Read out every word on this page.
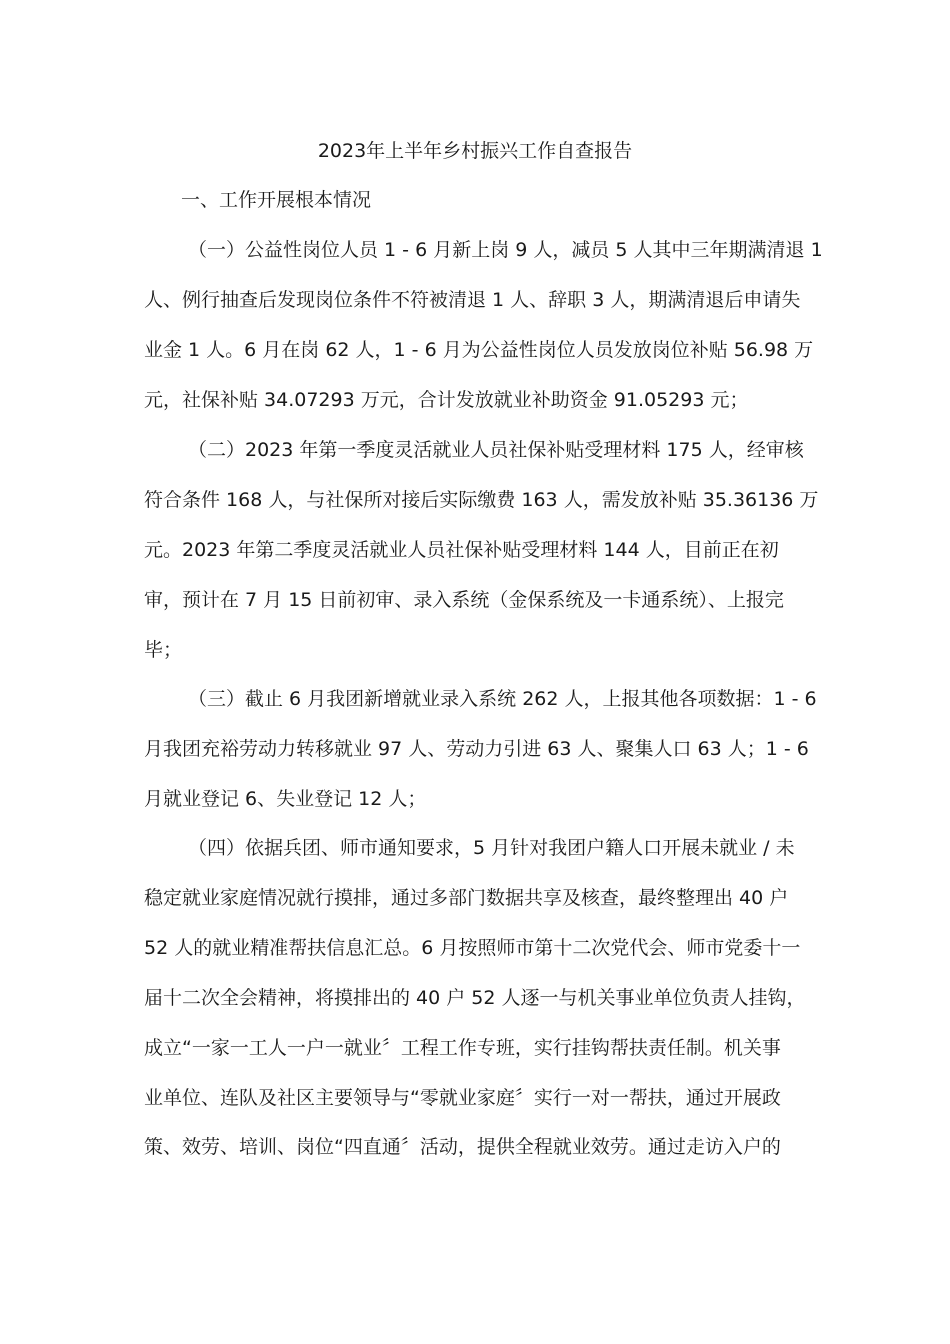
2023年上半年乡村振兴工作自查报告
一、工作开展根本情况
（一）公益性岗位人员 1 - 6 月新上岗 9 人，减员 5 人其中三年期满清退 1
人、例行抽查后发现岗位条件不符被清退 1 人、辞职 3 人，期满清退后申请失
业金 1 人。6 月在岗 62 人，1 - 6 月为公益性岗位人员发放岗位补贴 56.98 万
元，社保补贴 34.07293 万元，合计发放就业补助资金 91.05293 元；
（二）2023 年第一季度灵活就业人员社保补贴受理材料 175 人，经审核
符合条件 168 人，与社保所对接后实际缴费 163 人，需发放补贴 35.36136 万
元。2023 年第二季度灵活就业人员社保补贴受理材料 144 人，目前正在初
审，预计在 7 月 15 日前初审、录入系统（金保系统及一卡通系统）、上报完
毕；
（三）截止 6 月我团新增就业录入系统 262 人，上报其他各项数据：1 - 6
月我团充裕劳动力转移就业 97 人、劳动力引进 63 人、聚集人口 63 人；1 - 6
月就业登记 6、失业登记 12 人；
（四）依据兵团、师市通知要求，5 月针对我团户籍人口开展未就业 / 未
稳定就业家庭情况就行摸排，通过多部门数据共享及核查，最终整理出 40 户
52 人的就业精准帮扶信息汇总。6 月按照师市第十二次党代会、师市党委十一
届十二次全会精神，将摸排出的 40 户 52 人逐一与机关事业单位负责人挂钩，
成立“一家一工人一户一就业〞工程工作专班，实行挂钩帮扶责任制。机关事
业单位、连队及社区主要领导与“零就业家庭〞实行一对一帮扶，通过开展政
策、效劳、培训、岗位“四直通〞活动，提供全程就业效劳。通过走访入户的
